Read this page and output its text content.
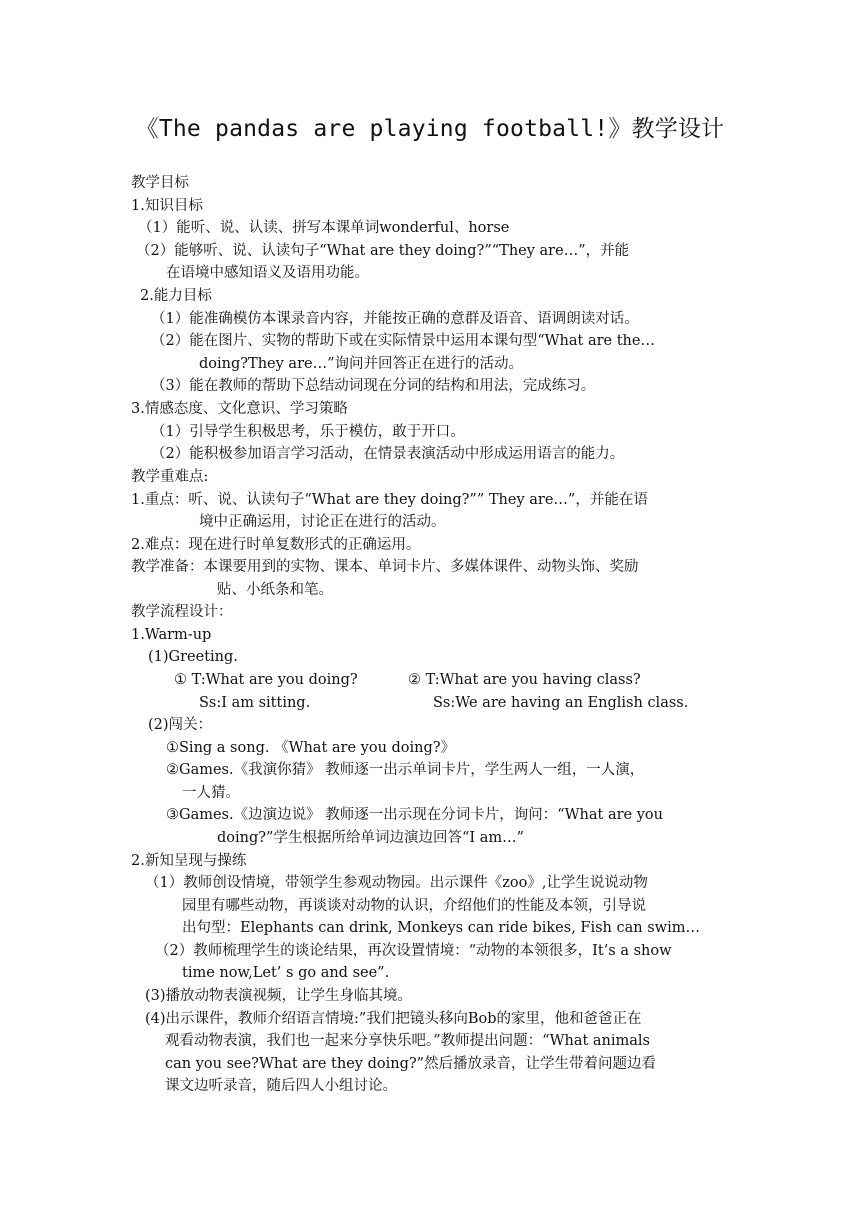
《The pandas are playing football!》教学设计
教学目标
1.知识目标
（1）能听、说、认读、拼写本课单词wonderful、horse
（2）能够听、说、认读句子“What are they doing?”“They are…”，并能
在语境中感知语义及语用功能。
2.能力目标
（1）能准确模仿本课录音内容，并能按正确的意群及语音、语调朗读对话。
（2）能在图片、实物的帮助下或在实际情景中运用本课句型“What are the…
doing?They are…”询问并回答正在进行的活动。
（3）能在教师的帮助下总结动词现在分词的结构和用法，完成练习。
3.情感态度、文化意识、学习策略
（1）引导学生积极思考，乐于模仿，敢于开口。
（2）能积极参加语言学习活动，在情景表演活动中形成运用语言的能力。
教学重难点:
1.重点：听、说、认读句子“What are they doing?”” They are…”，并能在语
境中正确运用，讨论正在进行的活动。
2.难点：现在进行时单复数形式的正确运用。
教学准备：本课要用到的实物、课本、单词卡片、多媒体课件、动物头饰、奖励
贴、小纸条和笔。
教学流程设计：
1.Warm-up
(1)Greeting.
① T:What are you doing?	② T:What are you having class?
Ss:I am sitting.	Ss:We are having an English class.
(2)闯关：
①Sing a song. 《What are you doing?》
②Games.《我演你猜》 教师逐一出示单词卡片，学生两人一组，一人演，
一人猜。
③Games.《边演边说》 教师逐一出示现在分词卡片，询问：“What are you
doing?”学生根据所给单词边演边回答“I am…”
2.新知呈现与操练
（1）教师创设情境，带领学生参观动物园。出示课件《zoo》,让学生说说动物
园里有哪些动物，再谈谈对动物的认识，介绍他们的性能及本领，引导说
出句型：Elephants can drink, Monkeys can ride bikes, Fish can swim…
（2）教师梳理学生的谈论结果，再次设置情境：“动物的本领很多，It’s a show
time now,Let’ s go and see”.
(3)播放动物表演视频，让学生身临其境。
(4)出示课件，教师介绍语言情境:”我们把镜头移向Bob的家里，他和爸爸正在
观看动物表演，我们也一起来分享快乐吧。”教师提出问题：“What animals
can you see?What are they doing?”然后播放录音，让学生带着问题边看
课文边听录音，随后四人小组讨论。
